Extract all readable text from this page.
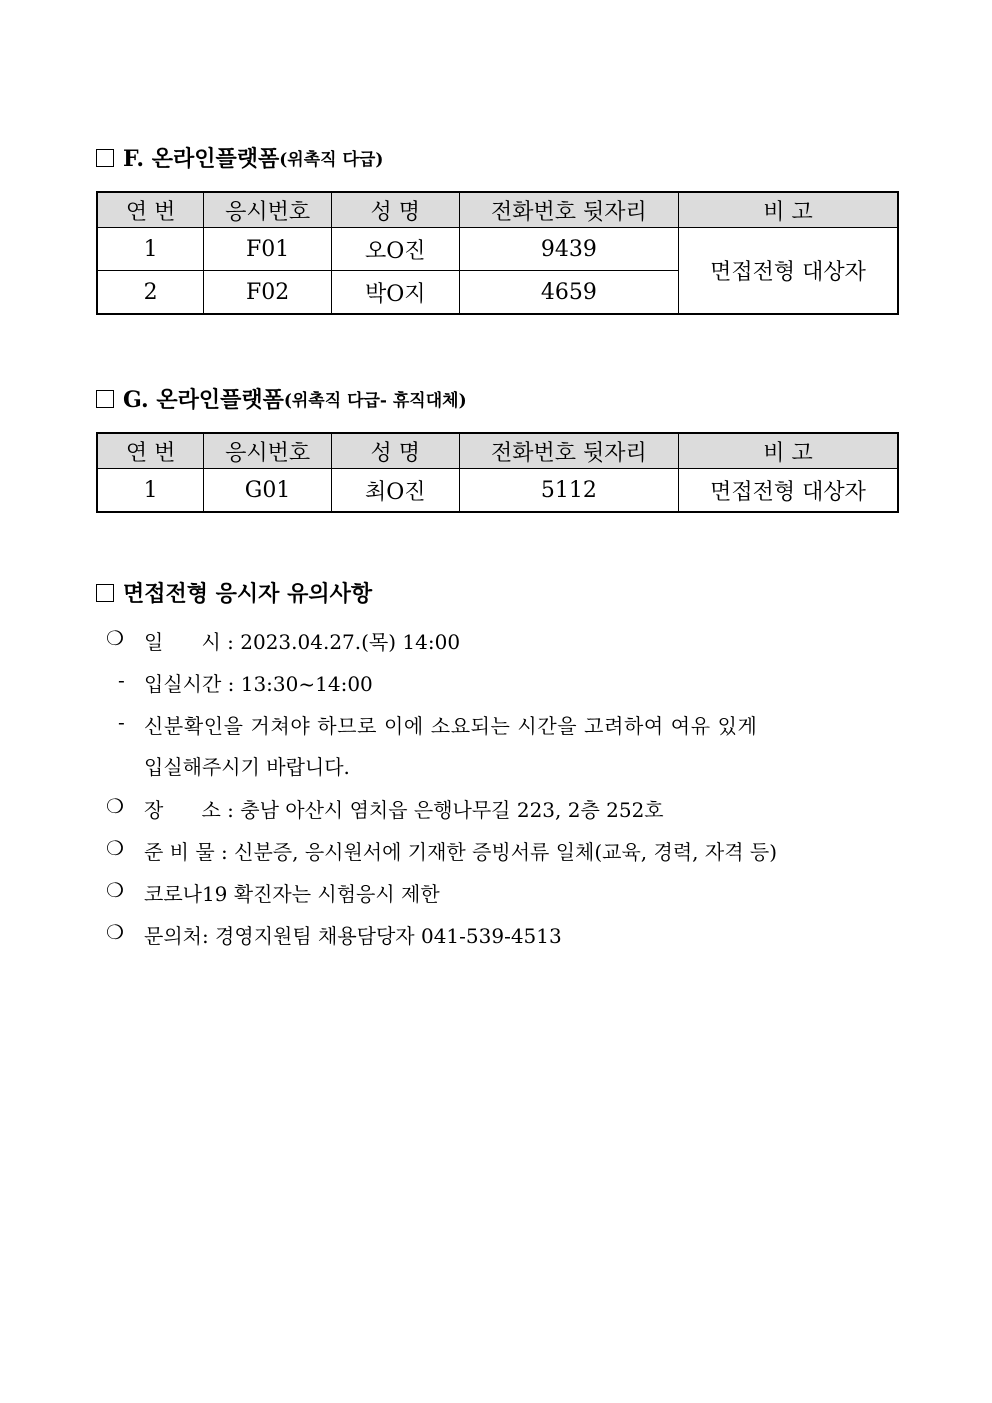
F. 온라인플랫폼 (위촉직 다급)
연 번	응시번호	성 명	전화번호 뒷자리	비 고
1	F01	오O진	9439	면접전형 대상자
2	F02	박O지	4659	
G. 온라인플랫폼 (위촉직 다급- 휴직대체)
연 번	응시번호	성 명	전화번호 뒷자리	비 고
1	G01	최O진	5112	면접전형 대상자
면접전형 응시자 유의사항
❍ 일      시 : 2023.04.27.(목) 14:00
- 입실시간 : 13:30~14:00
- 신분확인을 거쳐야 하므로 이에 소요되는 시간을 고려하여 여유 있게
입실해주시기 바랍니다.
❍ 장      소 : 충남 아산시 염치읍 은행나무길 223, 2층 252호
❍ 준 비 물 : 신분증, 응시원서에 기재한 증빙서류 일체(교육, 경력, 자격 등)
❍ 코로나19 확진자는 시험응시 제한
❍ 문의처: 경영지원팀 채용담당자 041-539-4513
